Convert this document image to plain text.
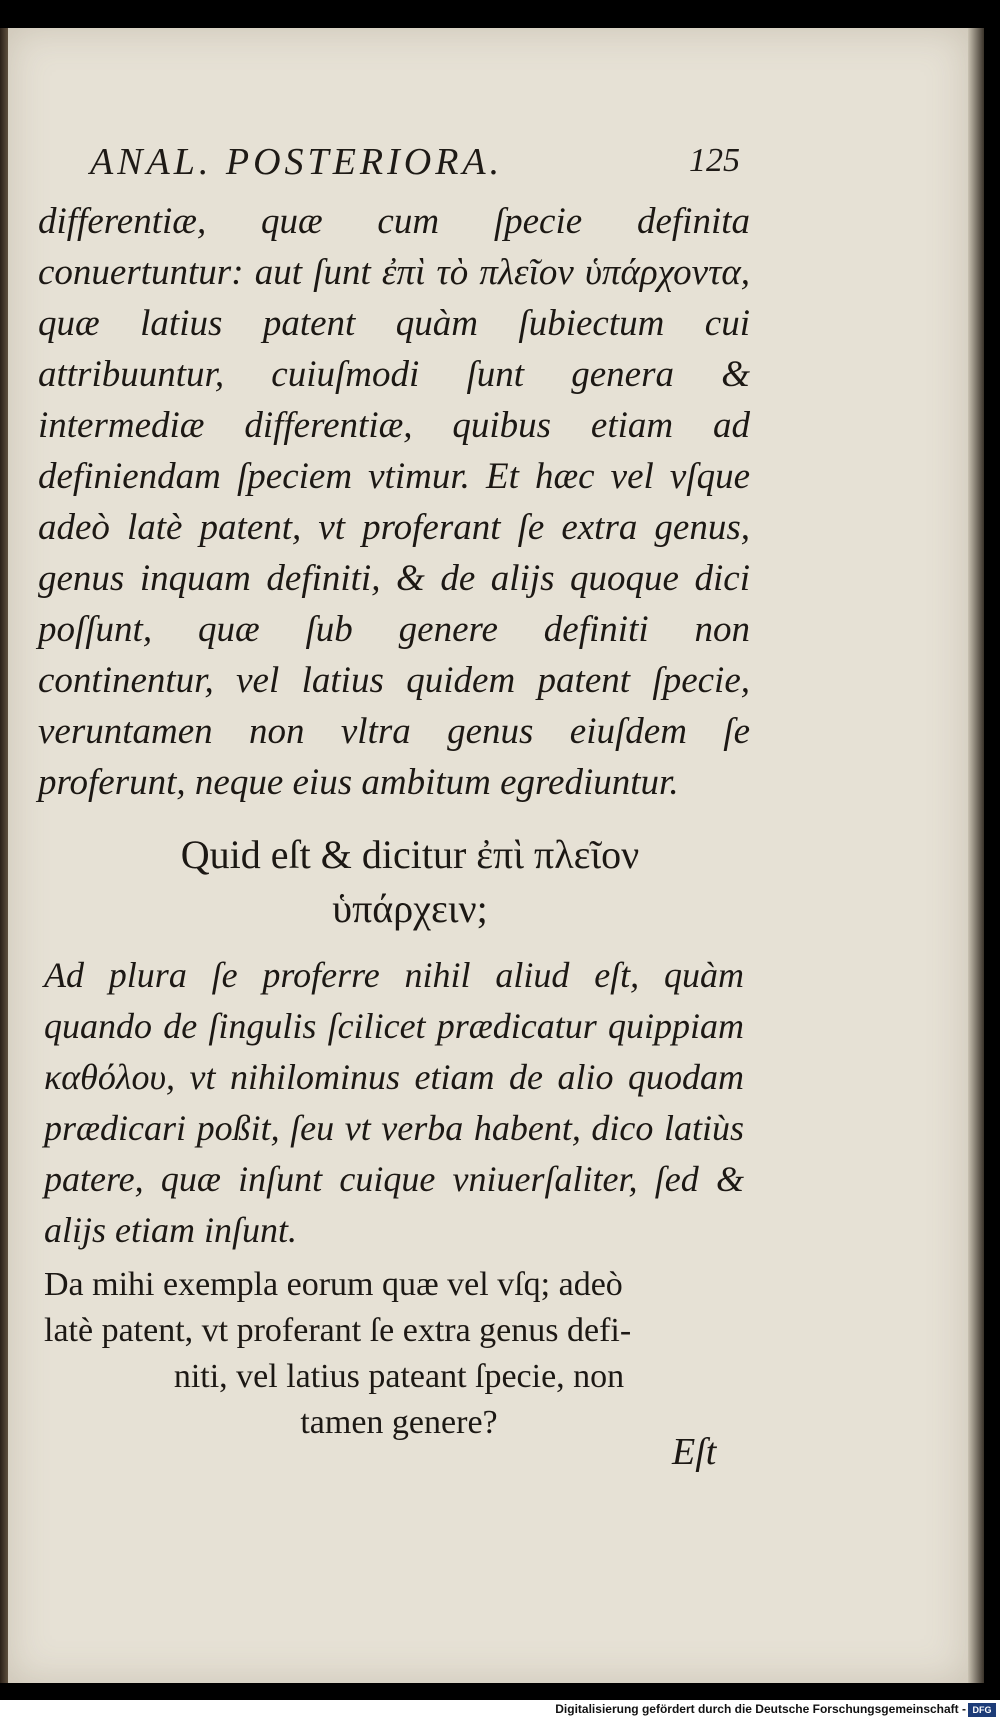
ANAL. POSTERIORA.	125

differentiæ, quæ cum ſpecie definita conuertuntur: aut ſunt ἐπὶ τὸ πλεῖον ὑπάρχοντα, quæ latius patent quàm ſubiectum cui attribuuntur, cuiuſmodi ſunt genera & intermediæ differentiæ, quibus etiam ad definiendam ſpeciem vtimur. Et hæc vel vſque adeò latè patent, vt proferant ſe extra genus, genus inquam definiti, & de alijs quoque dici poſſunt, quæ ſub genere definiti non continentur, vel latius quidem patent ſpecie, veruntamen non vltra genus eiuſdem ſe proferunt, neque eius ambitum egrediuntur.

Quid eſt & dicitur ἐπὶ πλεῖον ὑπάρχειν;

Ad plura ſe proferre nihil aliud eſt, quàm quando de ſingulis ſcilicet prædicatur quippiam καθόλου, vt nihilominus etiam de alio quodam prædicari poßit, ſeu vt verba habent, dico latiùs patere, quæ inſunt cuique vniuerſaliter, ſed & alijs etiam inſunt.

Da mihi exempla eorum quæ vel vſq; adeò
latè patent, vt proferant ſe extra genus defi-
niti, vel latius pateant ſpecie, non
tamen genere?

Eſt
Digitalisierung gefördert durch die Deutsche Forschungsgemeinschaft - DFG
